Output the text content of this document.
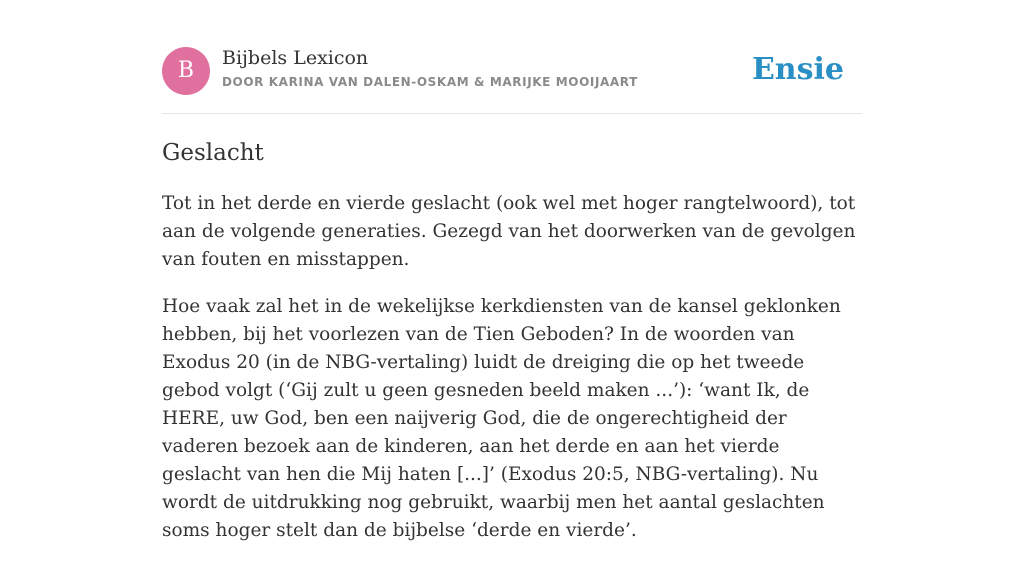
B	Bijbels Lexicon
DOOR KARINA VAN DALEN-OSKAM & MARIJKE MOOIJAART	Ensie
Geslacht

Tot in het derde en vierde geslacht (ook wel met hoger rangtelwoord), tot aan de volgende generaties. Gezegd van het doorwerken van de gevolgen van fouten en misstappen.

Hoe vaak zal het in de wekelijkse kerkdiensten van de kansel geklonken hebben, bij het voorlezen van de Tien Geboden? In de woorden van Exodus 20 (in de NBG-vertaling) luidt de dreiging die op het tweede gebod volgt (‘Gij zult u geen gesneden beeld maken ...’): ‘want Ik, de HERE, uw God, ben een naijverig God, die de ongerechtigheid der vaderen bezoek aan de kinderen, aan het derde en aan het vierde geslacht van hen die Mij haten [...]’ (Exodus 20:5, NBG-vertaling). Nu wordt de uitdrukking nog gebruikt, waarbij men het aantal geslachten soms hoger stelt dan de bijbelse ‘derde en vierde’.
